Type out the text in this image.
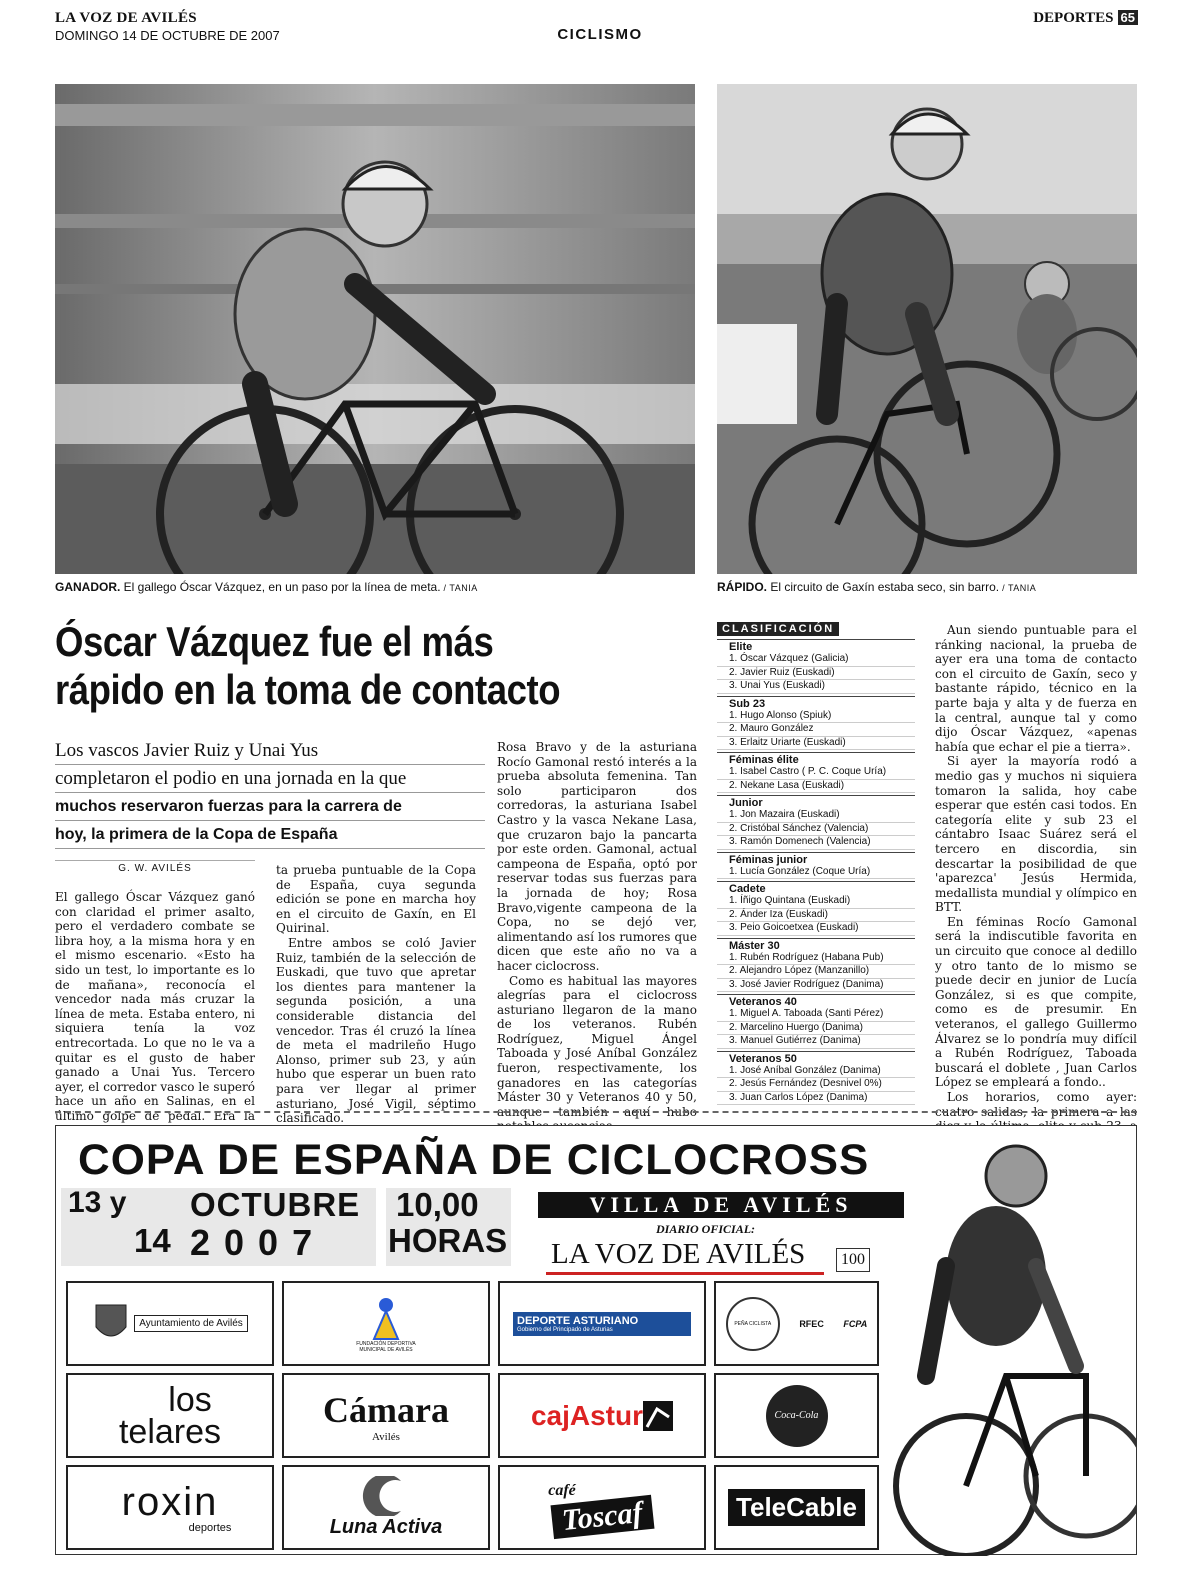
LA VOZ DE AVILÉS
DOMINGO 14 DE OCTUBRE DE 2007	CICLISMO
DEPORTES 65
GANADOR. El gallego Óscar Vázquez, en un paso por la línea de meta. / TANIA	RÁPIDO. El circuito de Gaxín estaba seco, sin barro. / TANIA
Óscar Vázquez fue el más
rápido en la toma de contacto
Los vascos Javier Ruiz y Unai Yus
completaron el podio en una jornada en la que
muchos reservaron fuerzas para la carrera de
hoy, la primera de la Copa de España
G. W. AVILÉS

El gallego Óscar Vázquez ganó con claridad el primer asalto, pero el verdadero combate se libra hoy, a la misma hora y en el mismo escenario. «Esto ha sido un test, lo importante es lo de mañana», reconocía el vencedor nada más cruzar la línea de meta. Estaba entero, ni siquiera tenía la voz entrecortada. Lo que no le va a quitar es el gusto de haber ganado a Unai Yus. Tercero ayer, el corredor vasco le superó hace un año en Salinas, en el último golpe de pedal. Era la

ta prueba puntuable de la Copa de España, cuya segunda edición se pone en marcha hoy en el circuito de Gaxín, en El Quirinal.

Entre ambos se coló Javier Ruiz, también de la selección de Euskadi, que tuvo que apretar los dientes para mantener la segunda posición, a una considerable distancia del vencedor. Tras él cruzó la línea de meta el madrileño Hugo Alonso, primer sub 23, y aún hubo que esperar un buen rato para ver llegar al primer asturiano, José Vigil, séptimo clasificado.

Rosa Bravo y de la asturiana Rocío Gamonal restó interés a la prueba absoluta femenina. Tan solo participaron dos corredoras, la asturiana Isabel Castro y la vasca Nekane Lasa, que cruzaron bajo la pancarta por este orden. Gamonal, actual campeona de España, optó por reservar todas sus fuerzas para la jornada de hoy; Rosa Bravo,vigente campeona de la Copa, no se dejó ver, alimentando así los rumores que dicen que este año no va a hacer ciclocross.

Como es habitual las mayores alegrías para el ciclocross asturiano llegaron de la mano de los veteranos. Rubén Rodríguez, Miguel Ángel Taboada y José Aníbal González fueron, respectivamente, los ganadores en las categorías Máster 30 y Veteranos 40 y 50, aunque también aquí hubo

CLASIFICACIÓN
Elite
1. Óscar Vázquez (Galicia)
2. Javier Ruiz (Euskadi)
3. Unai Yus (Euskadi)
Sub 23
1. Hugo Alonso (Spiuk)
2. Mauro González
3. Erlaitz Uriarte (Euskadi)
Féminas élite
1. Isabel Castro ( P. C. Coque Uría)
2. Nekane Lasa (Euskadi)
Junior
1. Jon Mazaira (Euskadi)
2. Cristóbal Sánchez (Valencia)
3. Ramón Domenech (Valencia)
Féminas junior
1. Lucía González (Coque Uría)
Cadete
1. Íñigo Quintana (Euskadi)
2. Ánder Iza (Euskadi)
3. Peio Goicoetxea (Euskadi)
Máster 30
1. Rubén Rodríguez (Habana Pub)
2. Alejandro López (Manzanillo)
3. José Javier Rodríguez (Danima)
Veteranos 40
1. Miguel A. Taboada (Santi Pérez)
2. Marcelino Huergo (Danima)
3. Manuel Gutiérrez (Danima)
Veteranos 50
1. José Aníbal González (Danima)
2. Jesús Fernández (Desnivel 0%)
3. Juan Carlos López (Danima)

Aun siendo puntuable para el ránking nacional, la prueba de ayer era una toma de contacto con el circuito de Gaxín, seco y bastante rápido, técnico en la parte baja y alta y de fuerza en la central, aunque tal y como dijo Óscar Vázquez, «apenas había que echar el pie a tierra».

Si ayer la mayoría rodó a medio gas y muchos ni siquiera tomaron la salida, hoy cabe esperar que estén casi todos. En categoría elite y sub 23 el cántabro Isaac Suárez será el tercero en discordia, sin descartar la posibilidad de que 'aparezca' Jesús Hermida, medallista mundial y olímpico en BTT.

En féminas Rocío Gamonal será la indiscutible favorita en un circuito que conoce al dedillo y otro tanto de lo mismo se puede decir en junior de Lucía González, si es que compite, como es de presumir. En veteranos, el gallego Guillermo Álvarez se lo pondría muy difícil a Rubén Rodríguez, Taboada buscará el doblete , Juan Carlos López se empleará a fondo..

Los horarios, como ayer: cuatro salidas, la primera a las

COPA DE ESPAÑA DE CICLOCROSS
13 y
14
OCTUBRE
2 0 0 7
10,00
HORAS
VILLA DE AVILÉS
DIARIO OFICIAL:
LA VOZ DE AVILÉS	100
Ayuntamiento de Avilés
FUNDACIÓN DEPORTIVA MUNICIPAL DE AVILÉS
DEPORTE ASTURIANO
Gobierno del Principado de Asturias
PEÑA CICLISTA	RFEC FCPA
los
telares
Cámara
Avilés
cajAstur	Coca-Cola
roxin
deportes	Luna Activa
café
Toscaf	TeleCable
